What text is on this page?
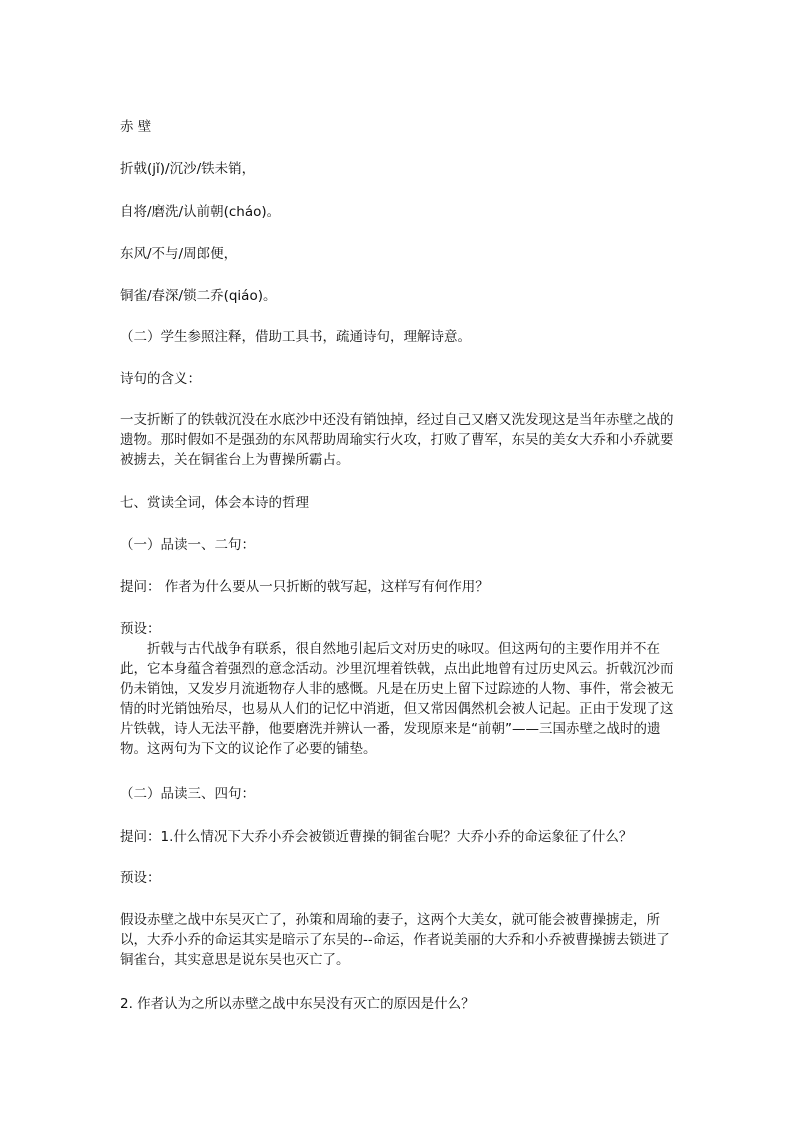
赤 壁

折戟(jǐ)/沉沙/铁未销，

自将/磨洗/认前朝(cháo)。

东风/不与/周郎便，

铜雀/春深/锁二乔(qiáo)。

（二）学生参照注释，借助工具书，疏通诗句，理解诗意。

诗句的含义：

一支折断了的铁戟沉没在水底沙中还没有销蚀掉，经过自己又磨又洗发现这是当年赤壁之战的遗物。那时假如不是强劲的东风帮助周瑜实行火攻，打败了曹军，东吴的美女大乔和小乔就要被掳去，关在铜雀台上为曹操所霸占。

七、赏读全词，体会本诗的哲理

（一）品读一、二句：

提问： 作者为什么要从一只折断的戟写起，这样写有何作用？

预设：

折戟与古代战争有联系，很自然地引起后文对历史的咏叹。但这两句的主要作用并不在此，它本身蕴含着强烈的意念活动。沙里沉埋着铁戟，点出此地曾有过历史风云。折戟沉沙而仍未销蚀，又发岁月流逝物存人非的感慨。凡是在历史上留下过踪迹的人物、事件，常会被无情的时光销蚀殆尽，也易从人们的记忆中消逝，但又常因偶然机会被人记起。正由于发现了这片铁戟，诗人无法平静，他要磨洗并辨认一番，发现原来是“前朝”——三国赤壁之战时的遗物。这两句为下文的议论作了必要的铺垫。

（二）品读三、四句：

提问：1.什么情况下大乔小乔会被锁近曹操的铜雀台呢？大乔小乔的命运象征了什么？

预设：

假设赤壁之战中东吴灭亡了，孙策和周瑜的妻子，这两个大美女，就可能会被曹操掳走，所以，大乔小乔的命运其实是暗示了东吴的--命运，作者说美丽的大乔和小乔被曹操掳去锁进了铜雀台，其实意思是说东吴也灭亡了。

2. 作者认为之所以赤壁之战中东吴没有灭亡的原因是什么？
